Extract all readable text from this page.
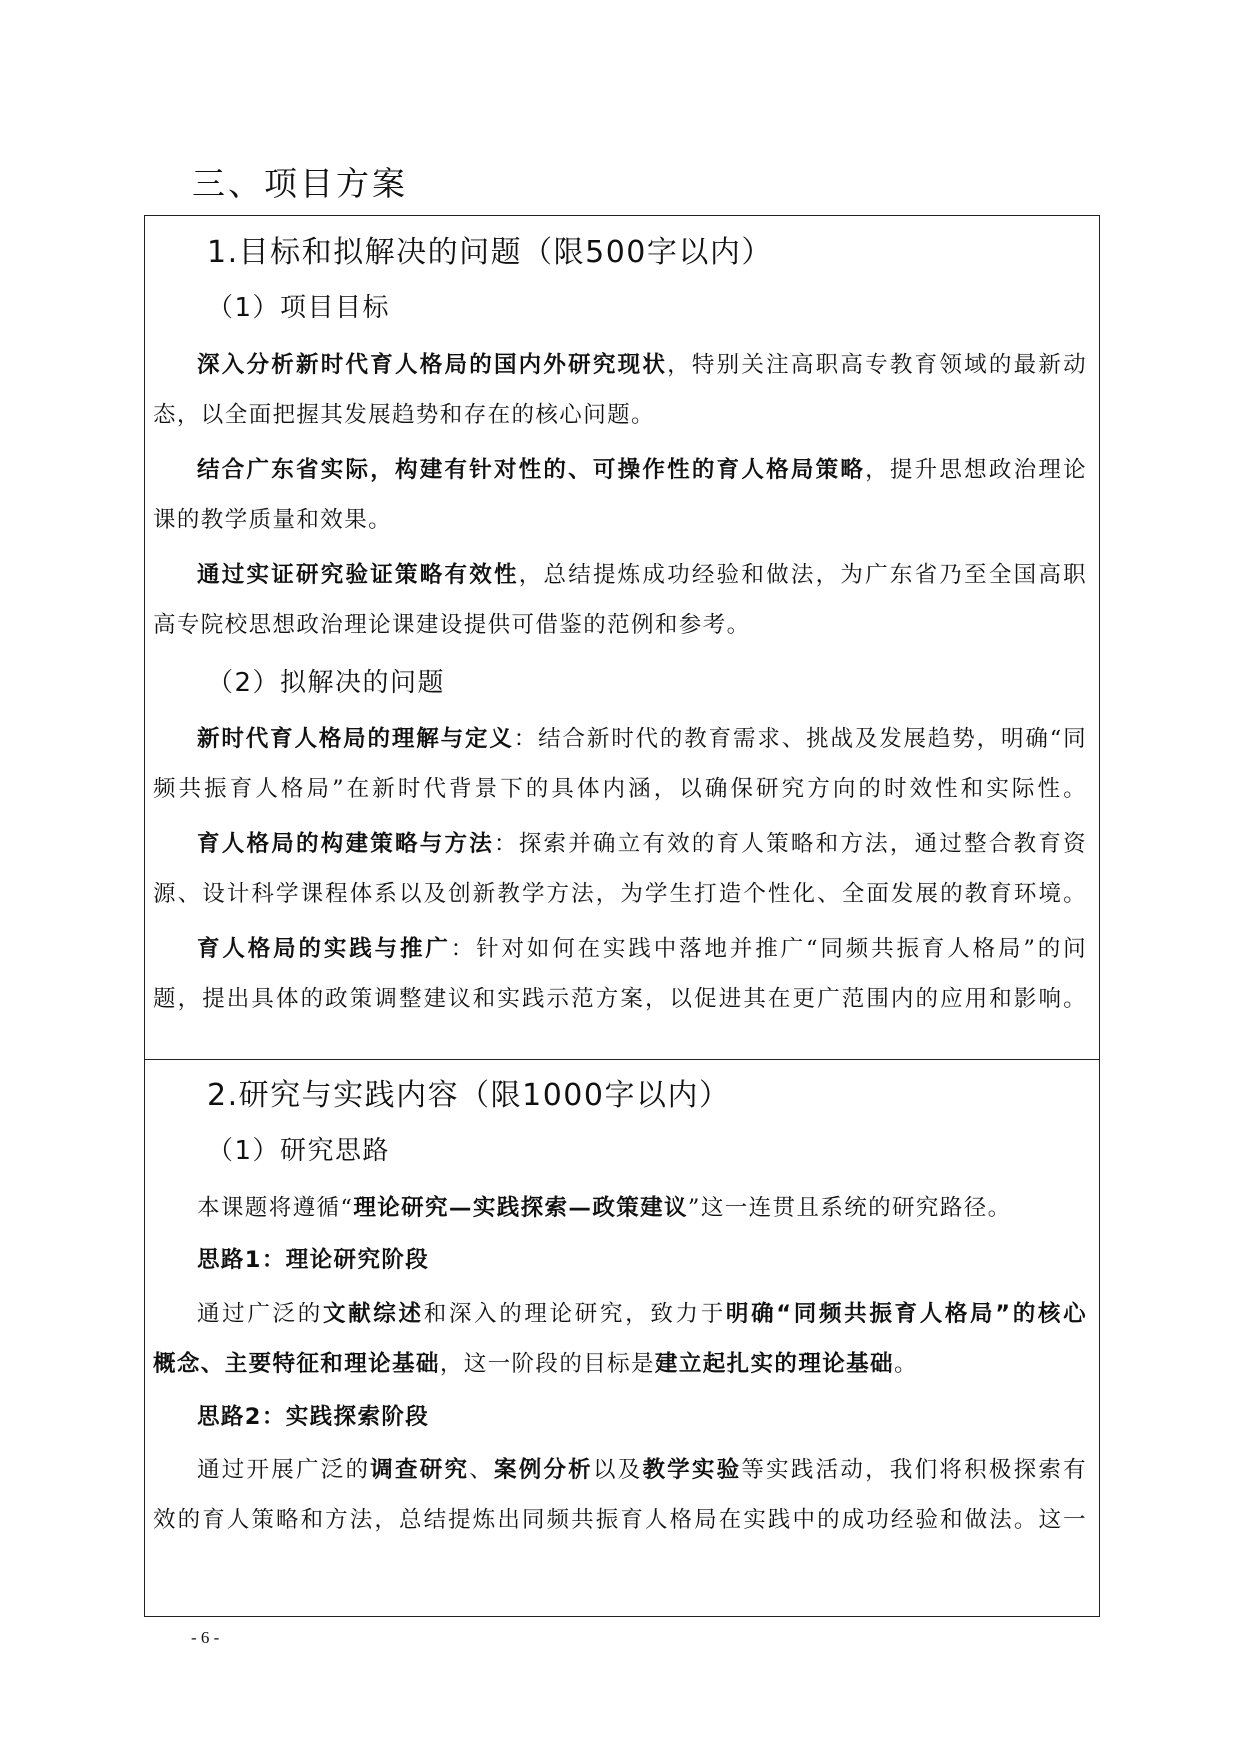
三、项目方案
1.目标和拟解决的问题（限500字以内）
（1）项目目标
深入分析新时代育人格局的国内外研究现状，特别关注高职高专教育领域的最新动
态，以全面把握其发展趋势和存在的核心问题。
结合广东省实际，构建有针对性的、可操作性的育人格局策略，提升思想政治理论
课的教学质量和效果。
通过实证研究验证策略有效性，总结提炼成功经验和做法，为广东省乃至全国高职
高专院校思想政治理论课建设提供可借鉴的范例和参考。
（2）拟解决的问题
新时代育人格局的理解与定义：结合新时代的教育需求、挑战及发展趋势，明确“同
频共振育人格局”在新时代背景下的具体内涵，以确保研究方向的时效性和实际性。
育人格局的构建策略与方法：探索并确立有效的育人策略和方法，通过整合教育资
源、设计科学课程体系以及创新教学方法，为学生打造个性化、全面发展的教育环境。
育人格局的实践与推广：针对如何在实践中落地并推广“同频共振育人格局”的问
题，提出具体的政策调整建议和实践示范方案，以促进其在更广范围内的应用和影响。
2.研究与实践内容（限1000字以内）
（1）研究思路
本课题将遵循“理论研究—实践探索—政策建议”这一连贯且系统的研究路径。
思路1：理论研究阶段
通过广泛的文献综述和深入的理论研究，致力于明确“同频共振育人格局”的核心
概念、主要特征和理论基础，这一阶段的目标是建立起扎实的理论基础。
思路2：实践探索阶段
通过开展广泛的调查研究、案例分析以及教学实验等实践活动，我们将积极探索有
效的育人策略和方法，总结提炼出同频共振育人格局在实践中的成功经验和做法。这一
- 6 -
